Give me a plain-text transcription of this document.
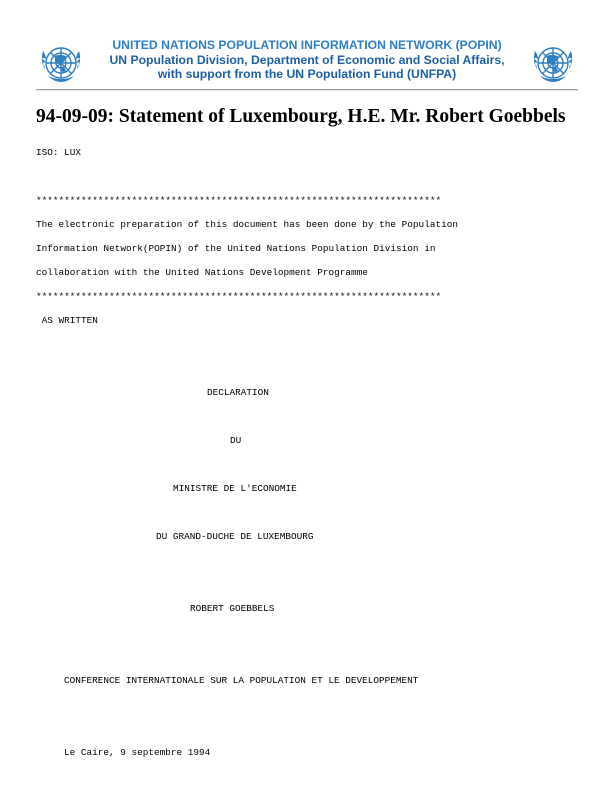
UNITED NATIONS POPULATION INFORMATION NETWORK (POPIN)
UN Population Division, Department of Economic and Social Affairs,
with support from the UN Population Fund (UNFPA)
94-09-09: Statement of Luxembourg, H.E. Mr. Robert Goebbels
ISO: LUX
************************************************************************
The electronic preparation of this document has been done by the Population
Information Network(POPIN) of the United Nations Population Division in
collaboration with the United Nations Development Programme
************************************************************************
AS WRITTEN
DECLARATION
DU
MINISTRE DE L'ECONOMIE
DU GRAND-DUCHE DE LUXEMBOURG
ROBERT GOEBBELS
CONFERENCE INTERNATIONALE SUR LA POPULATION ET LE DEVELOPPEMENT
Le Caire, 9 septembre 1994
